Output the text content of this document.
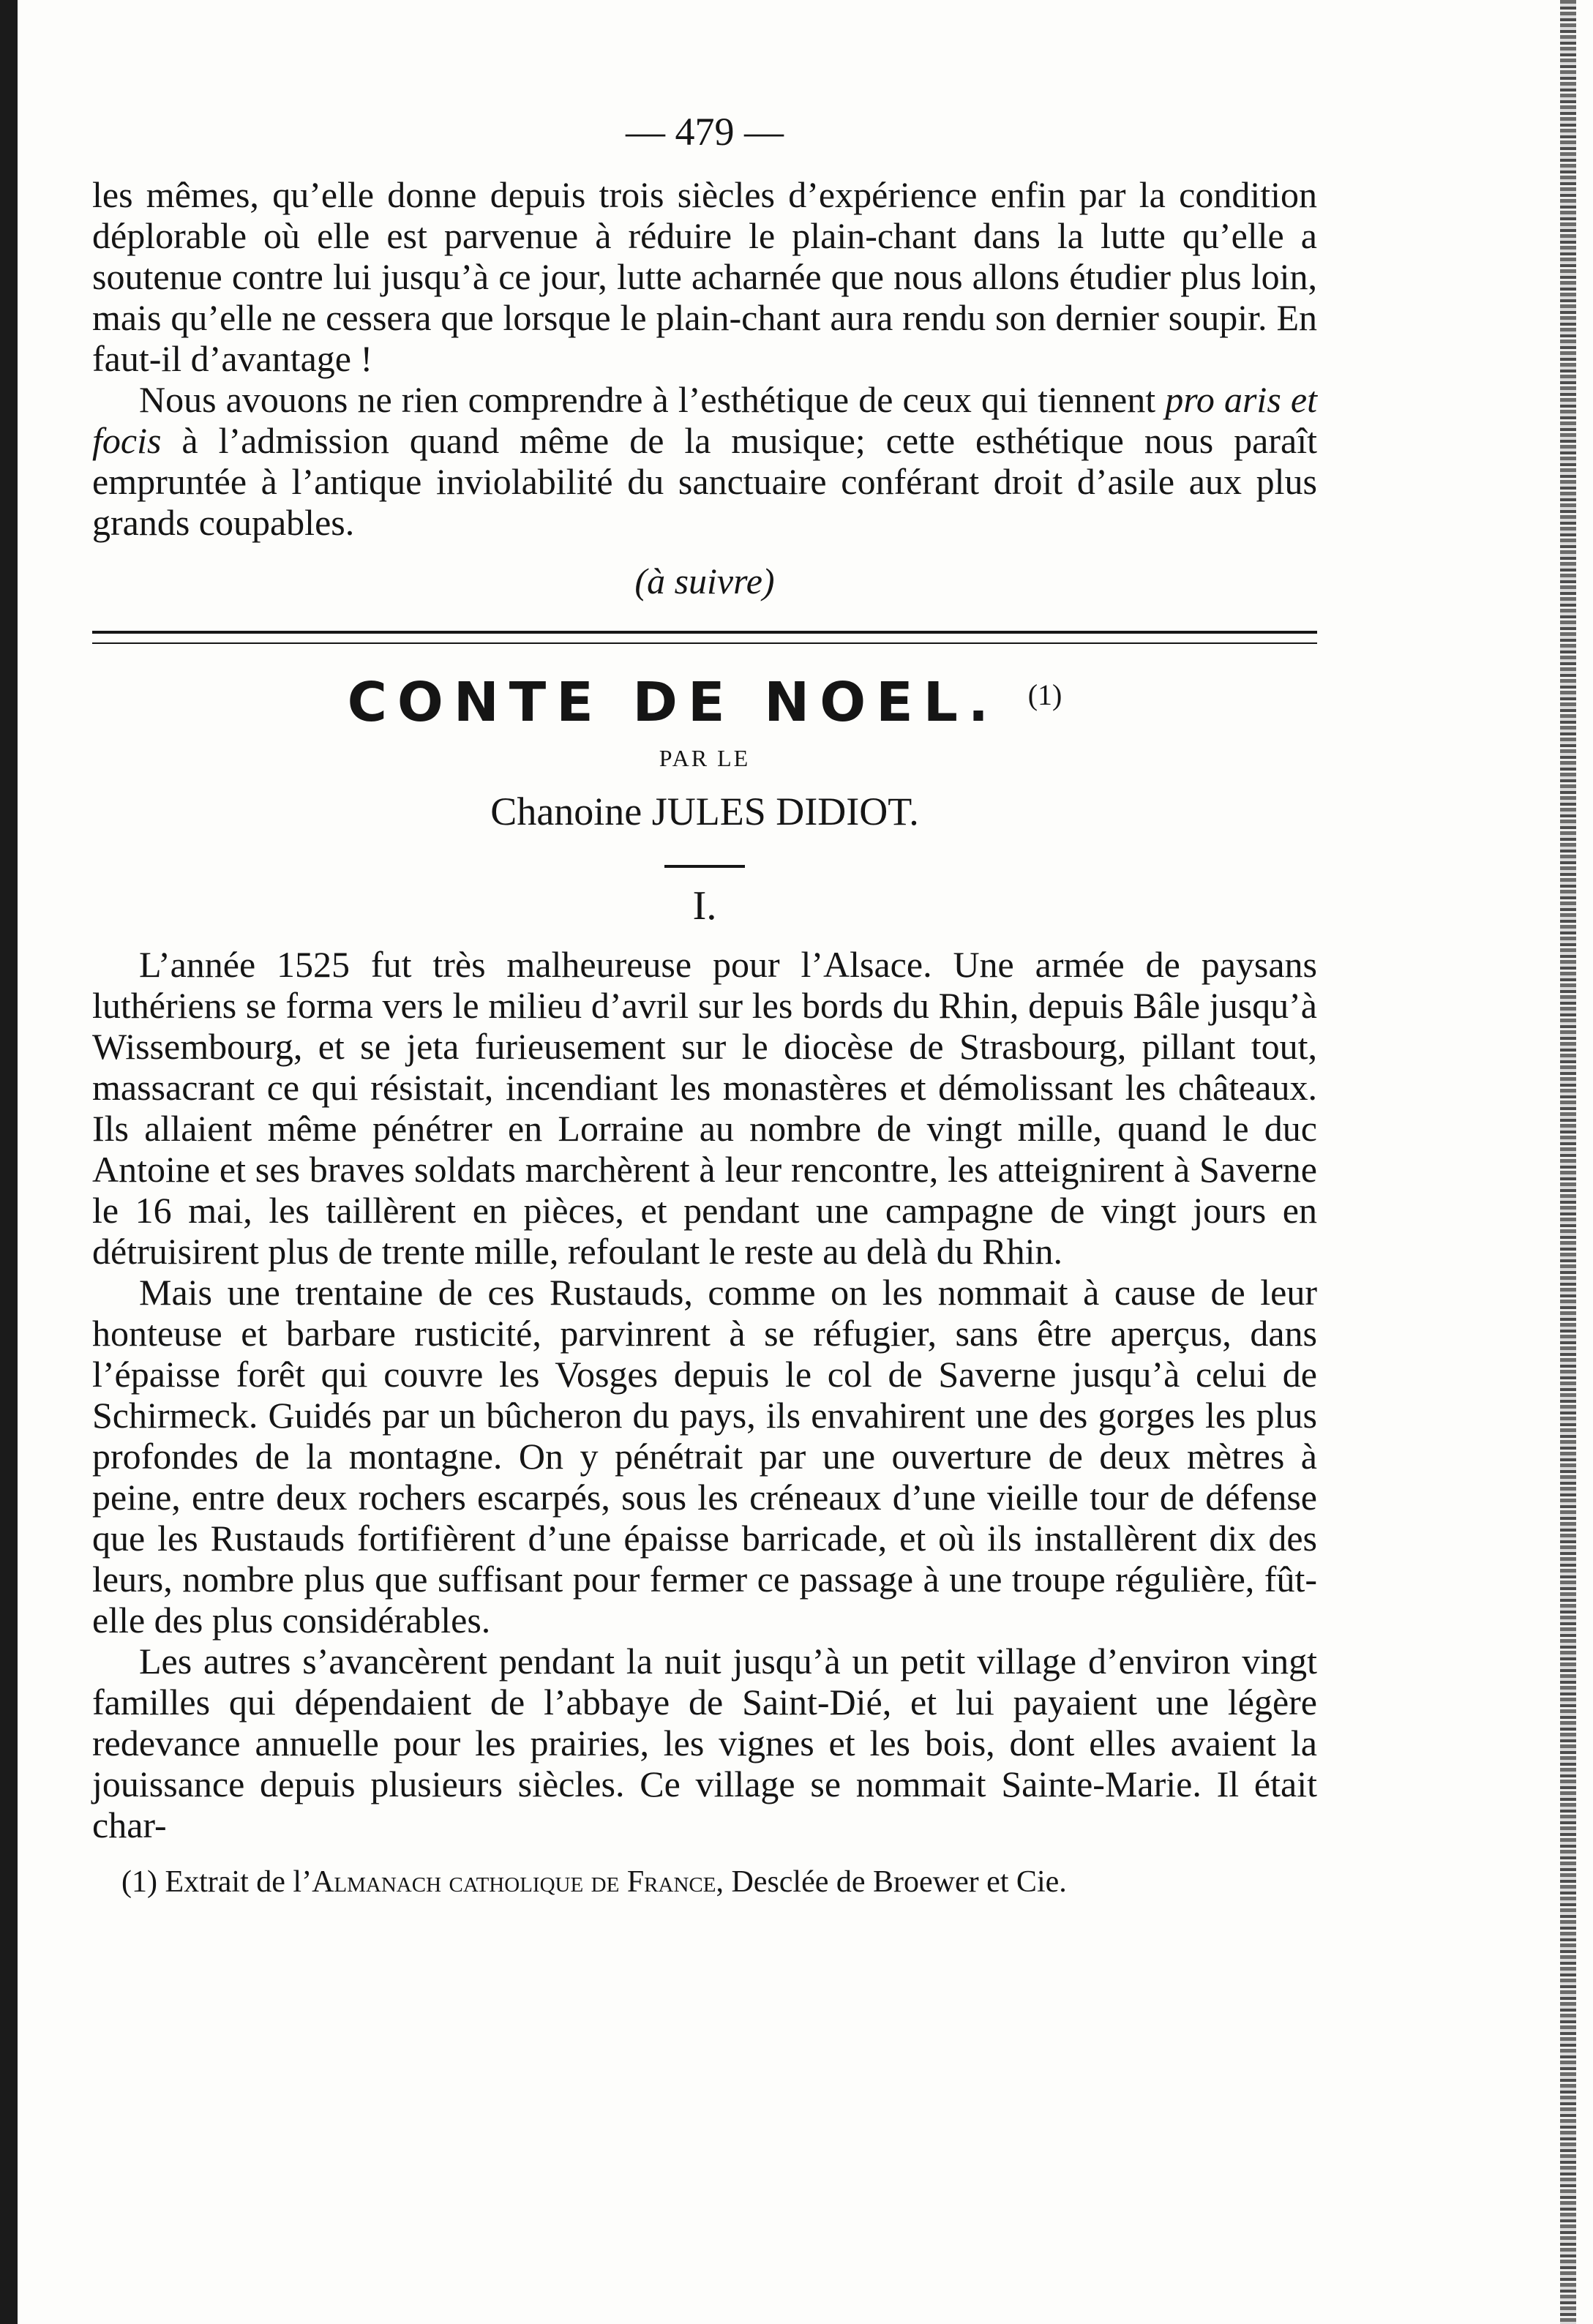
— 479 —

les mêmes, qu’elle donne depuis trois siècles d’expérience enfin par la condition déplorable où elle est parvenue à réduire le plain-chant dans la lutte qu’elle a soutenue contre lui jusqu’à ce jour, lutte acharnée que nous allons étudier plus loin, mais qu’elle ne cessera que lorsque le plain-chant aura rendu son dernier soupir. En faut-il d’avantage !

Nous avouons ne rien comprendre à l’esthétique de ceux qui tiennent pro aris et focis à l’admission quand même de la musique; cette esthétique nous paraît empruntée à l’antique inviolabilité du sanctuaire conférant droit d’asile aux plus grands coupables.

(à suivre)
CONTE DE NOEL. $^{(1)}$
PAR LE
Chanoine JULES DIDIOT.
I.

L’année 1525 fut très malheureuse pour l’Alsace. Une armée de paysans luthériens se forma vers le milieu d’avril sur les bords du Rhin, depuis Bâle jusqu’à Wissembourg, et se jeta furieusement sur le diocèse de Strasbourg, pillant tout, massacrant ce qui résistait, incendiant les monastères et démolissant les châteaux. Ils allaient même pénétrer en Lorraine au nombre de vingt mille, quand le duc Antoine et ses braves soldats marchèrent à leur rencontre, les atteignirent à Saverne le 16 mai, les taillèrent en pièces, et pendant une campagne de vingt jours en détruisirent plus de trente mille, refoulant le reste au delà du Rhin.

Mais une trentaine de ces Rustauds, comme on les nommait à cause de leur honteuse et barbare rusticité, parvinrent à se réfugier, sans être aperçus, dans l’épaisse forêt qui couvre les Vosges depuis le col de Saverne jusqu’à celui de Schirmeck. Guidés par un bûcheron du pays, ils envahirent une des gorges les plus profondes de la montagne. On y pénétrait par une ouverture de deux mètres à peine, entre deux rochers escarpés, sous les créneaux d’une vieille tour de défense que les Rustauds fortifièrent d’une épaisse barricade, et où ils installèrent dix des leurs, nombre plus que suffisant pour fermer ce passage à une troupe régulière, fût-elle des plus considérables.

Les autres s’avancèrent pendant la nuit jusqu’à un petit village d’environ vingt familles qui dépendaient de l’abbaye de Saint-Dié, et lui payaient une légère redevance annuelle pour les prairies, les vignes et les bois, dont elles avaient la jouissance depuis plusieurs siècles. Ce village se nommait Sainte-Marie. Il était char-

(1) Extrait de l’Almanach catholique de France, Desclée de Broewer et Cie.
